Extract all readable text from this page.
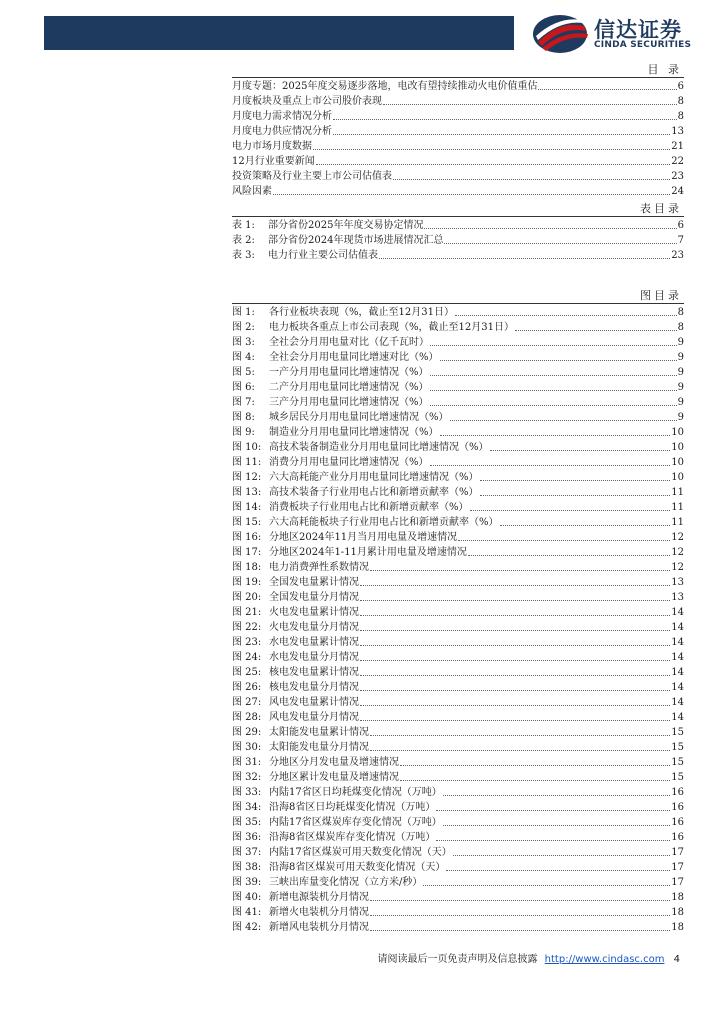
信达证券
CINDA SECURITIES
目 录
月度专题：2025年度交易逐步落地，电改有望持续推动火电价值重估	6
月度板块及重点上市公司股价表现	8
月度电力需求情况分析	8
月度电力供应情况分析	13
电力市场月度数据	21
12月行业重要新闻	22
投资策略及行业主要上市公司估值表	23
风险因素	24
表目录
表 1:	部分省份2025年年度交易协定情况	6
表 2:	部分省份2024年现货市场进展情况汇总	7
表 3:	电力行业主要公司估值表	23
图目录
图 1:	各行业板块表现（%，截止至12月31日）	8
图 2:	电力板块各重点上市公司表现（%，截止至12月31日）	8
图 3:	全社会分月用电量对比（亿千瓦时）	9
图 4:	全社会分月用电量同比增速对比（%）	9
图 5:	一产分月用电量同比增速情况（%）	9
图 6:	二产分月用电量同比增速情况（%）	9
图 7:	三产分月用电量同比增速情况（%）	9
图 8:	城乡居民分月用电量同比增速情况（%）	9
图 9:	制造业分月用电量同比增速情况（%）	10
图 10: 高技术装备制造业分月用电量同比增速情况（%）	10
图 11: 消费分月用电量同比增速情况（%）	10
图 12: 六大高耗能产业分月用电量同比增速情况（%）	10
图 13: 高技术装备子行业用电占比和新增贡献率（%）	11
图 14: 消费板块子行业用电占比和新增贡献率（%）	11
图 15: 六大高耗能板块子行业用电占比和新增贡献率（%）	11
图 16: 分地区2024年11月当月用电量及增速情况	12
图 17: 分地区2024年1-11月累计用电量及增速情况	12
图 18: 电力消费弹性系数情况	12
图 19: 全国发电量累计情况	13
图 20: 全国发电量分月情况	13
图 21: 火电发电量累计情况	14
图 22: 火电发电量分月情况	14
图 23: 水电发电量累计情况	14
图 24: 水电发电量分月情况	14
图 25: 核电发电量累计情况	14
图 26: 核电发电量分月情况	14
图 27: 风电发电量累计情况	14
图 28: 风电发电量分月情况	14
图 29: 太阳能发电量累计情况	15
图 30: 太阳能发电量分月情况	15
图 31: 分地区分月发电量及增速情况	15
图 32: 分地区累计发电量及增速情况	15
图 33: 内陆17省区日均耗煤变化情况（万吨）	16
图 34: 沿海8省区日均耗煤变化情况（万吨）	16
图 35: 内陆17省区煤炭库存变化情况（万吨）	16
图 36: 沿海8省区煤炭库存变化情况（万吨）	16
图 37: 内陆17省区煤炭可用天数变化情况（天）	17
图 38: 沿海8省区煤炭可用天数变化情况（天）	17
图 39: 三峡出库量变化情况（立方米/秒）	17
图 40: 新增电源装机分月情况	18
图 41: 新增火电装机分月情况	18
图 42: 新增风电装机分月情况	18
请阅读最后一页免责声明及信息披露 http://www.cindasc.com 4
